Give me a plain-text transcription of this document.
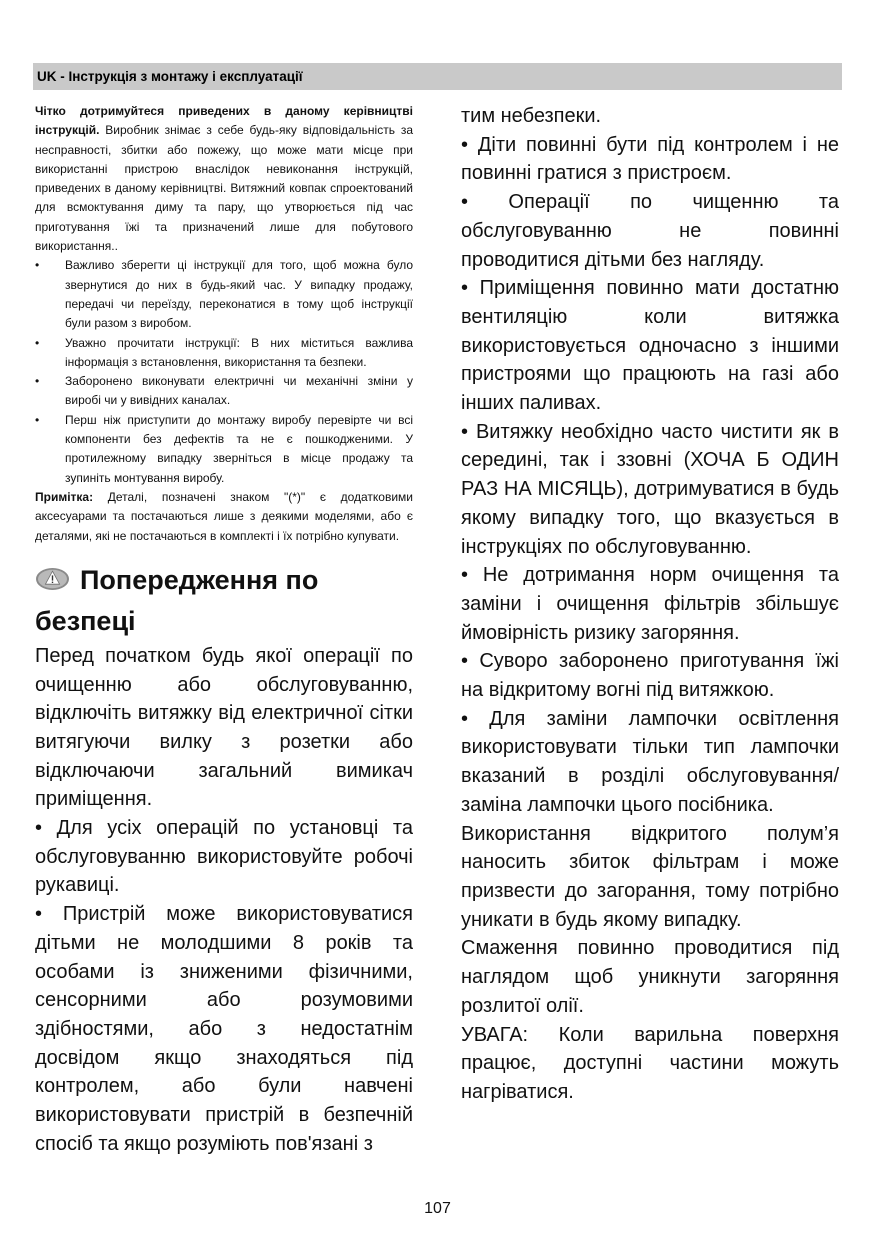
UK - Інструкція з монтажу і експлуатації

Чітко дотримуйтеся приведених в даному керівництві інструкцій. Виробник знімає з себе будь-яку відповідальність за несправності, збитки або пожежу, що може мати місце при використанні пристрою внаслідок невиконання інструкцій, приведених в даному керівництві. Витяжний ковпак спроектований для всмоктування диму та пару, що утворюється під час приготування їжі та призначений лише для побутового використання..

•	Важливо зберегти ці інструкції для того, щоб можна було звернутися до них в будь-який час. У випадку продажу, передачі чи переїзду, переконатися в тому щоб інструкції були разом з виробом.
•	Уважно прочитати інструкції: В них міститься важлива інформація з встановлення, використання та безпеки.
•	Заборонено виконувати електричні чи механічні зміни у виробі чи у вивідних каналах.
•	Перш ніж приступити до монтажу виробу перевірте чи всі компоненти без дефектів та не є пошкодженими. У протилежному випадку зверніться в місце продажу та зупиніть монтування виробу.

Примітка: Деталі, позначені знаком "(*)" є додатковими аксесуарами та постачаються лише з деякими моделями, або є деталями, які не постачаються в комплекті і їх потрібно купувати.

Попередження по безпеці

Перед початком будь якої операції по очищенню або обслуговуванню, відключіть витяжку від електричної сітки витягуючи вилку з розетки або відключаючи загальний вимикач приміщення.

• Для усіх операцій по установці та обслуговуванню використовуйте робочі рукавиці.

• Пристрій може використовуватися дітьми не молодшими 8 років та особами із зниженими фізичними, сенсорними або розумовими здібностями, або з недостатнім досвідом якщо знаходяться під контролем, або були навчені використовувати пристрій в безпечній спосіб та якщо розуміють пов'язані з

тим небезпеки.

• Діти повинні бути під контролем і не повинні гратися з пристроєм.

• Операції по чищенню та обслуговуванню не повинні проводитися дітьми без нагляду.

• Приміщення повинно мати достатню вентиляцію коли витяжка використовується одночасно з іншими пристроями що працюють на газі або інших паливах.

• Витяжку необхідно часто чистити як в середині, так і ззовні (ХОЧА Б ОДИН РАЗ НА МІСЯЦЬ), дотримуватися в будь якому випадку того, що вказується в інструкціях по обслуговуванню.

• Не дотримання норм очищення та заміни і очищення фільтрів збільшує ймовірність ризику загоряння.

• Суворо заборонено приготування їжі на відкритому вогні під витяжкою.

• Для заміни лампочки освітлення використовувати тільки тип лампочки вказаний в розділі обслуговування/заміна лампочки цього посібника.

Використання відкритого полум’я наносить збиток фільтрам і може призвести до загорання, тому потрібно уникати в будь якому випадку.

Смаження повинно проводитися під наглядом щоб уникнути загоряння розлитої олії.

УВАГА: Коли варильна поверхня працює, доступні частини можуть нагріватися.

107
